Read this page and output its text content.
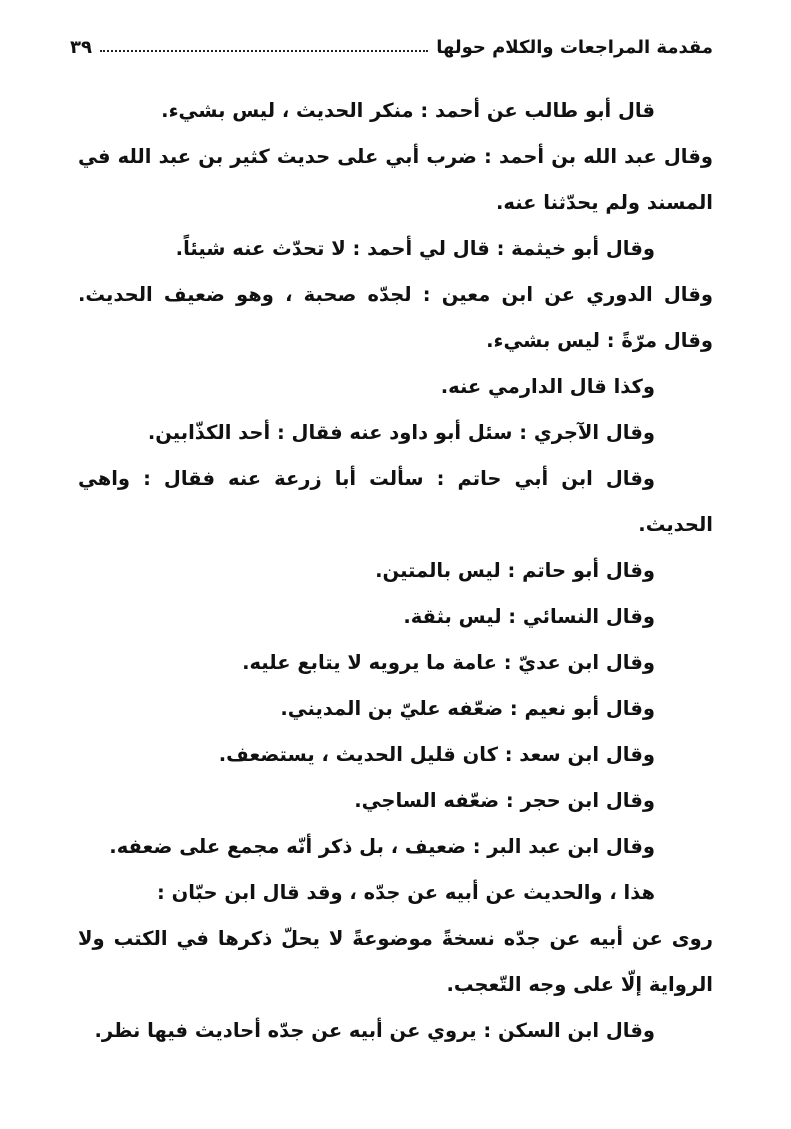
مقدمة المراجعات والكلام حولها
٣٩

قال أبو طالب عن أحمد : منكر الحديث ، ليس بشيء.

وقال عبد الله بن أحمد : ضرب أبي على حديث كثير بن عبد الله في المسند ولم يحدّثنا عنه.

وقال أبو خيثمة : قال لي أحمد : لا تحدّث عنه شيئاً.

وقال الدوري عن ابن معين : لجدّه صحبة ، وهو ضعيف الحديث. وقال مرّةً : ليس بشيء.

وكذا قال الدارمي عنه.

وقال الآجري : سئل أبو داود عنه فقال : أحد الكذّابين.

وقال ابن أبي حاتم : سألت أبا زرعة عنه فقال : واهي الحديث.

وقال أبو حاتم : ليس بالمتين.

وقال النسائي : ليس بثقة.

وقال ابن عديّ : عامة ما يرويه لا يتابع عليه.

وقال أبو نعيم : ضعّفه عليّ بن المديني.

وقال ابن سعد : كان قليل الحديث ، يستضعف.

وقال ابن حجر : ضعّفه الساجي.

وقال ابن عبد البر : ضعيف ، بل ذكر أنّه مجمع على ضعفه.

هذا ، والحديث عن أبيه عن جدّه ، وقد قال ابن حبّان :

روى عن أبيه عن جدّه نسخةً موضوعةً لا يحلّ ذكرها في الكتب ولا الرواية إلّا على وجه التّعجب.

وقال ابن السكن : يروي عن أبيه عن جدّه أحاديث فيها نظر.
